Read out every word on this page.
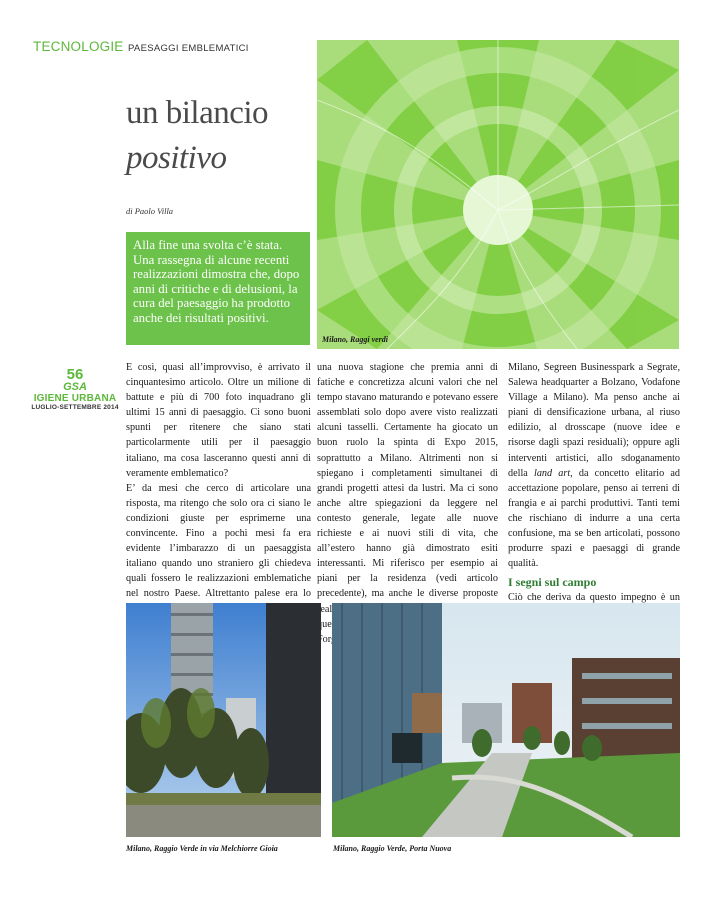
TECNOLOGIE PAESAGGI EMBLEMATICI
un bilancio
positivo
di Paolo Villa
Alla fine una svolta c’è stata. Una rassegna di alcune recenti realizzazioni dimostra che, dopo anni di critiche e di delusioni, la cura del paesaggio ha prodotto anche dei risultati positivi.
Milano, Raggi verdi
56
GSA
IGIENE URBANA
LUGLIO-SETTEMBRE 2014

E così, quasi all’improvviso, è arrivato il cinquantesimo articolo. Oltre un milione di battute e più di 700 foto inquadrano gli ultimi 15 anni di paesaggio. Ci sono buoni spunti per ritenere che siano stati particolarmente utili per il paesaggio italiano, ma cosa lasceranno questi anni di veramente emblematico?

E’ da mesi che cerco di articolare una risposta, ma ritengo che solo ora ci siano le condizioni giuste per esprimerne una convincente. Fino a pochi mesi fa era evidente l’imbarazzo di un paesaggista italiano quando uno straniero gli chiedeva quali fossero le realizzazioni emblematiche nel nostro Paese. Altrettanto palese era lo

una nuova stagione che premia anni di fatiche e concretizza alcuni valori che nel tempo stavano maturando e potevano essere assemblati solo dopo avere visto realizzati alcuni tasselli. Certamente ha giocato un buon ruolo la spinta di Expo 2015, soprattutto a Milano. Altrimenti non si spiegano i completamenti simultanei di grandi progetti attesi da lustri. Ma ci sono anche altre spiegazioni da leggere nel contesto generale, legate alle nuove richieste e ai nuovi stili di vita, che all’estero hanno già dimostrato esiti interessanti. Mi riferisco per esempio ai piani per la residenza (vedi articolo precedente), ma anche le diverse proposte quelle

Milano, Segreen Businesspark a Segrate, Salewa headquarter a Bolzano, Vodafone Village a Milano). Ma penso anche ai piani di densificazione urbana, al riuso edilizio, al drosscape (nuove idee e risorse dagli spazi residuali); oppure agli interventi artistici, allo sdoganamento della land art, da concetto elitario ad accettazione popolare, penso ai terreni di frangia e ai parchi produttivi. Tanti temi che rischiano di indurre a una certa confusione, ma se ben articolati, possono produrre spazi e paesaggi di grande qualità.

I segni sul campo

Ciò che deriva da questo impegno è un

Milano, Raggio Verde in via Melchiorre Gioia	Milano, Raggio Verde, Porta Nuova
